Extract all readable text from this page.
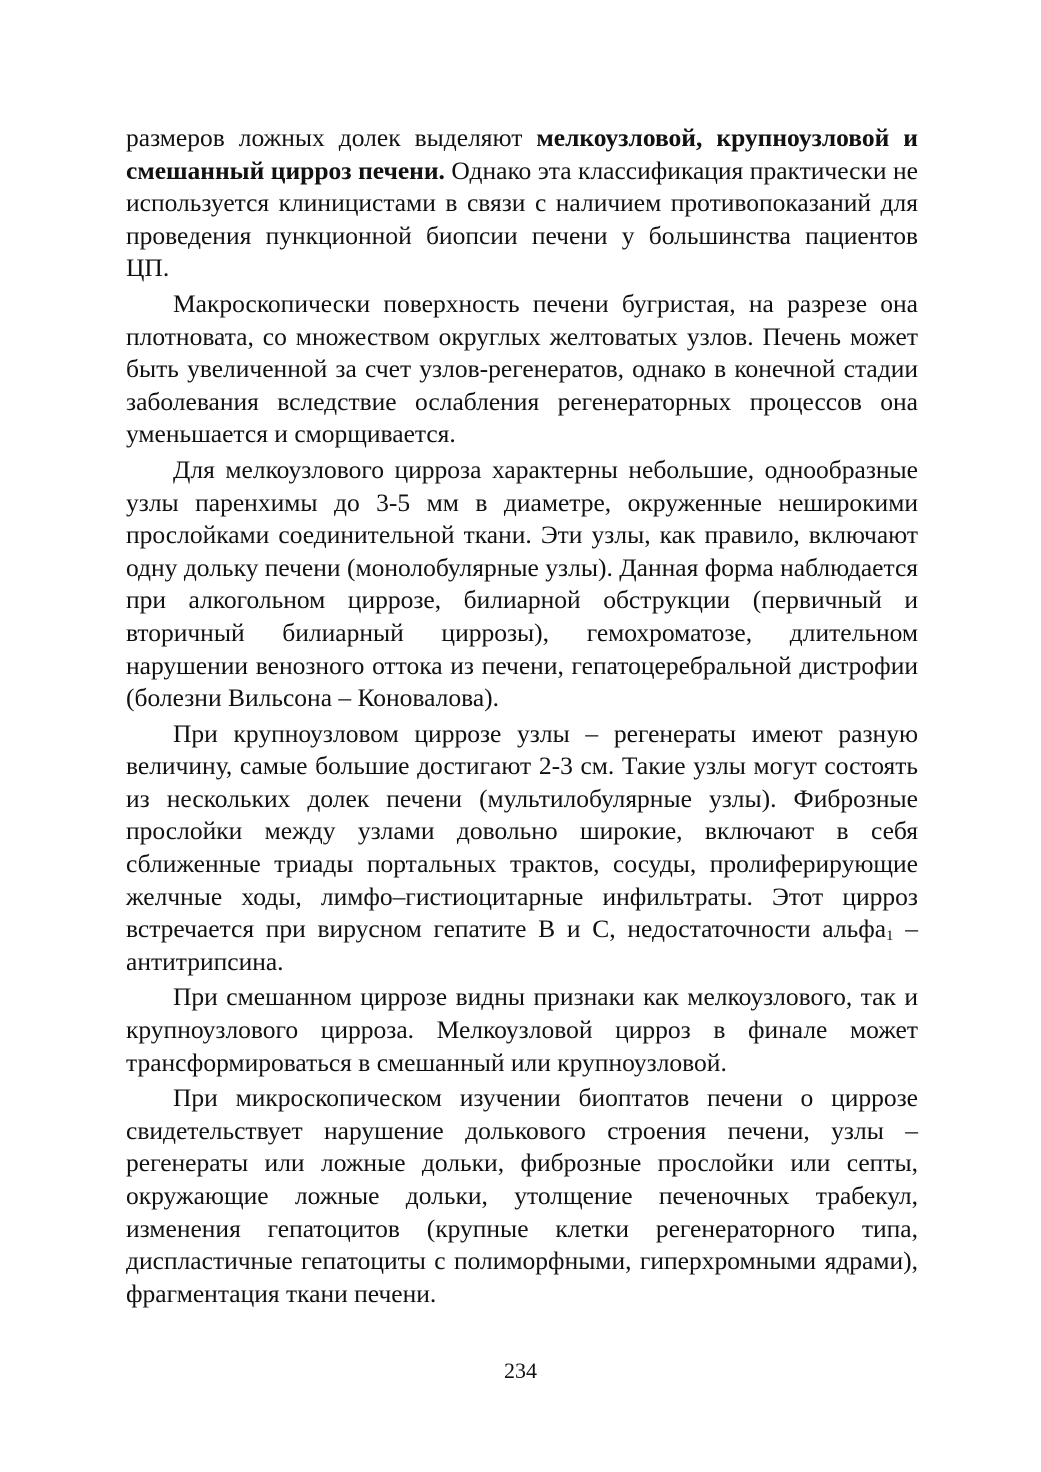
размеров ложных долек выделяют мелкоузловой, крупноузловой и смешанный цирроз печени. Однако эта классификация практически не используется клиницистами в связи с наличием противопоказаний для проведения пункционной биопсии печени у большинства пациентов ЦП.

Макроскопически поверхность печени бугристая, на разрезе она плотновата, со множеством округлых желтоватых узлов. Печень может быть увеличенной за счет узлов-регенератов, однако в конечной стадии заболевания вследствие ослабления регенераторных процессов она уменьшается и сморщивается.

Для мелкоузлового цирроза характерны небольшие, однообразные узлы паренхимы до 3-5 мм в диаметре, окруженные неширокими прослойками соединительной ткани. Эти узлы, как правило, включают одну дольку печени (монолобулярные узлы). Данная форма наблюдается при алкогольном циррозе, билиарной обструкции (первичный и вторичный билиарный циррозы), гемохроматозе, длительном нарушении венозного оттока из печени, гепатоцеребральной дистрофии (болезни Вильсона – Коновалова).

При крупноузловом циррозе узлы – регенераты имеют разную величину, самые большие достигают 2-3 см. Такие узлы могут состоять из нескольких долек печени (мультилобулярные узлы). Фиброзные прослойки между узлами довольно широкие, включают в себя сближенные триады портальных трактов, сосуды, пролиферирующие желчные ходы, лимфо–гистиоцитарные инфильтраты. Этот цирроз встречается при вирусном гепатите В и С, недостаточности альфа$_1$ – антитрипсина.

При смешанном циррозе видны признаки как мелкоузлового, так и крупноузлового цирроза. Мелкоузловой цирроз в финале может трансформироваться в смешанный или крупноузловой.

При микроскопическом изучении биоптатов печени о циррозе свидетельствует нарушение долькового строения печени, узлы – регенераты или ложные дольки, фиброзные прослойки или септы, окружающие ложные дольки, утолщение печеночных трабекул, изменения гепатоцитов (крупные клетки регенераторного типа, диспластичные гепатоциты с полиморфными, гиперхромными ядрами), фрагментация ткани печени.

234
